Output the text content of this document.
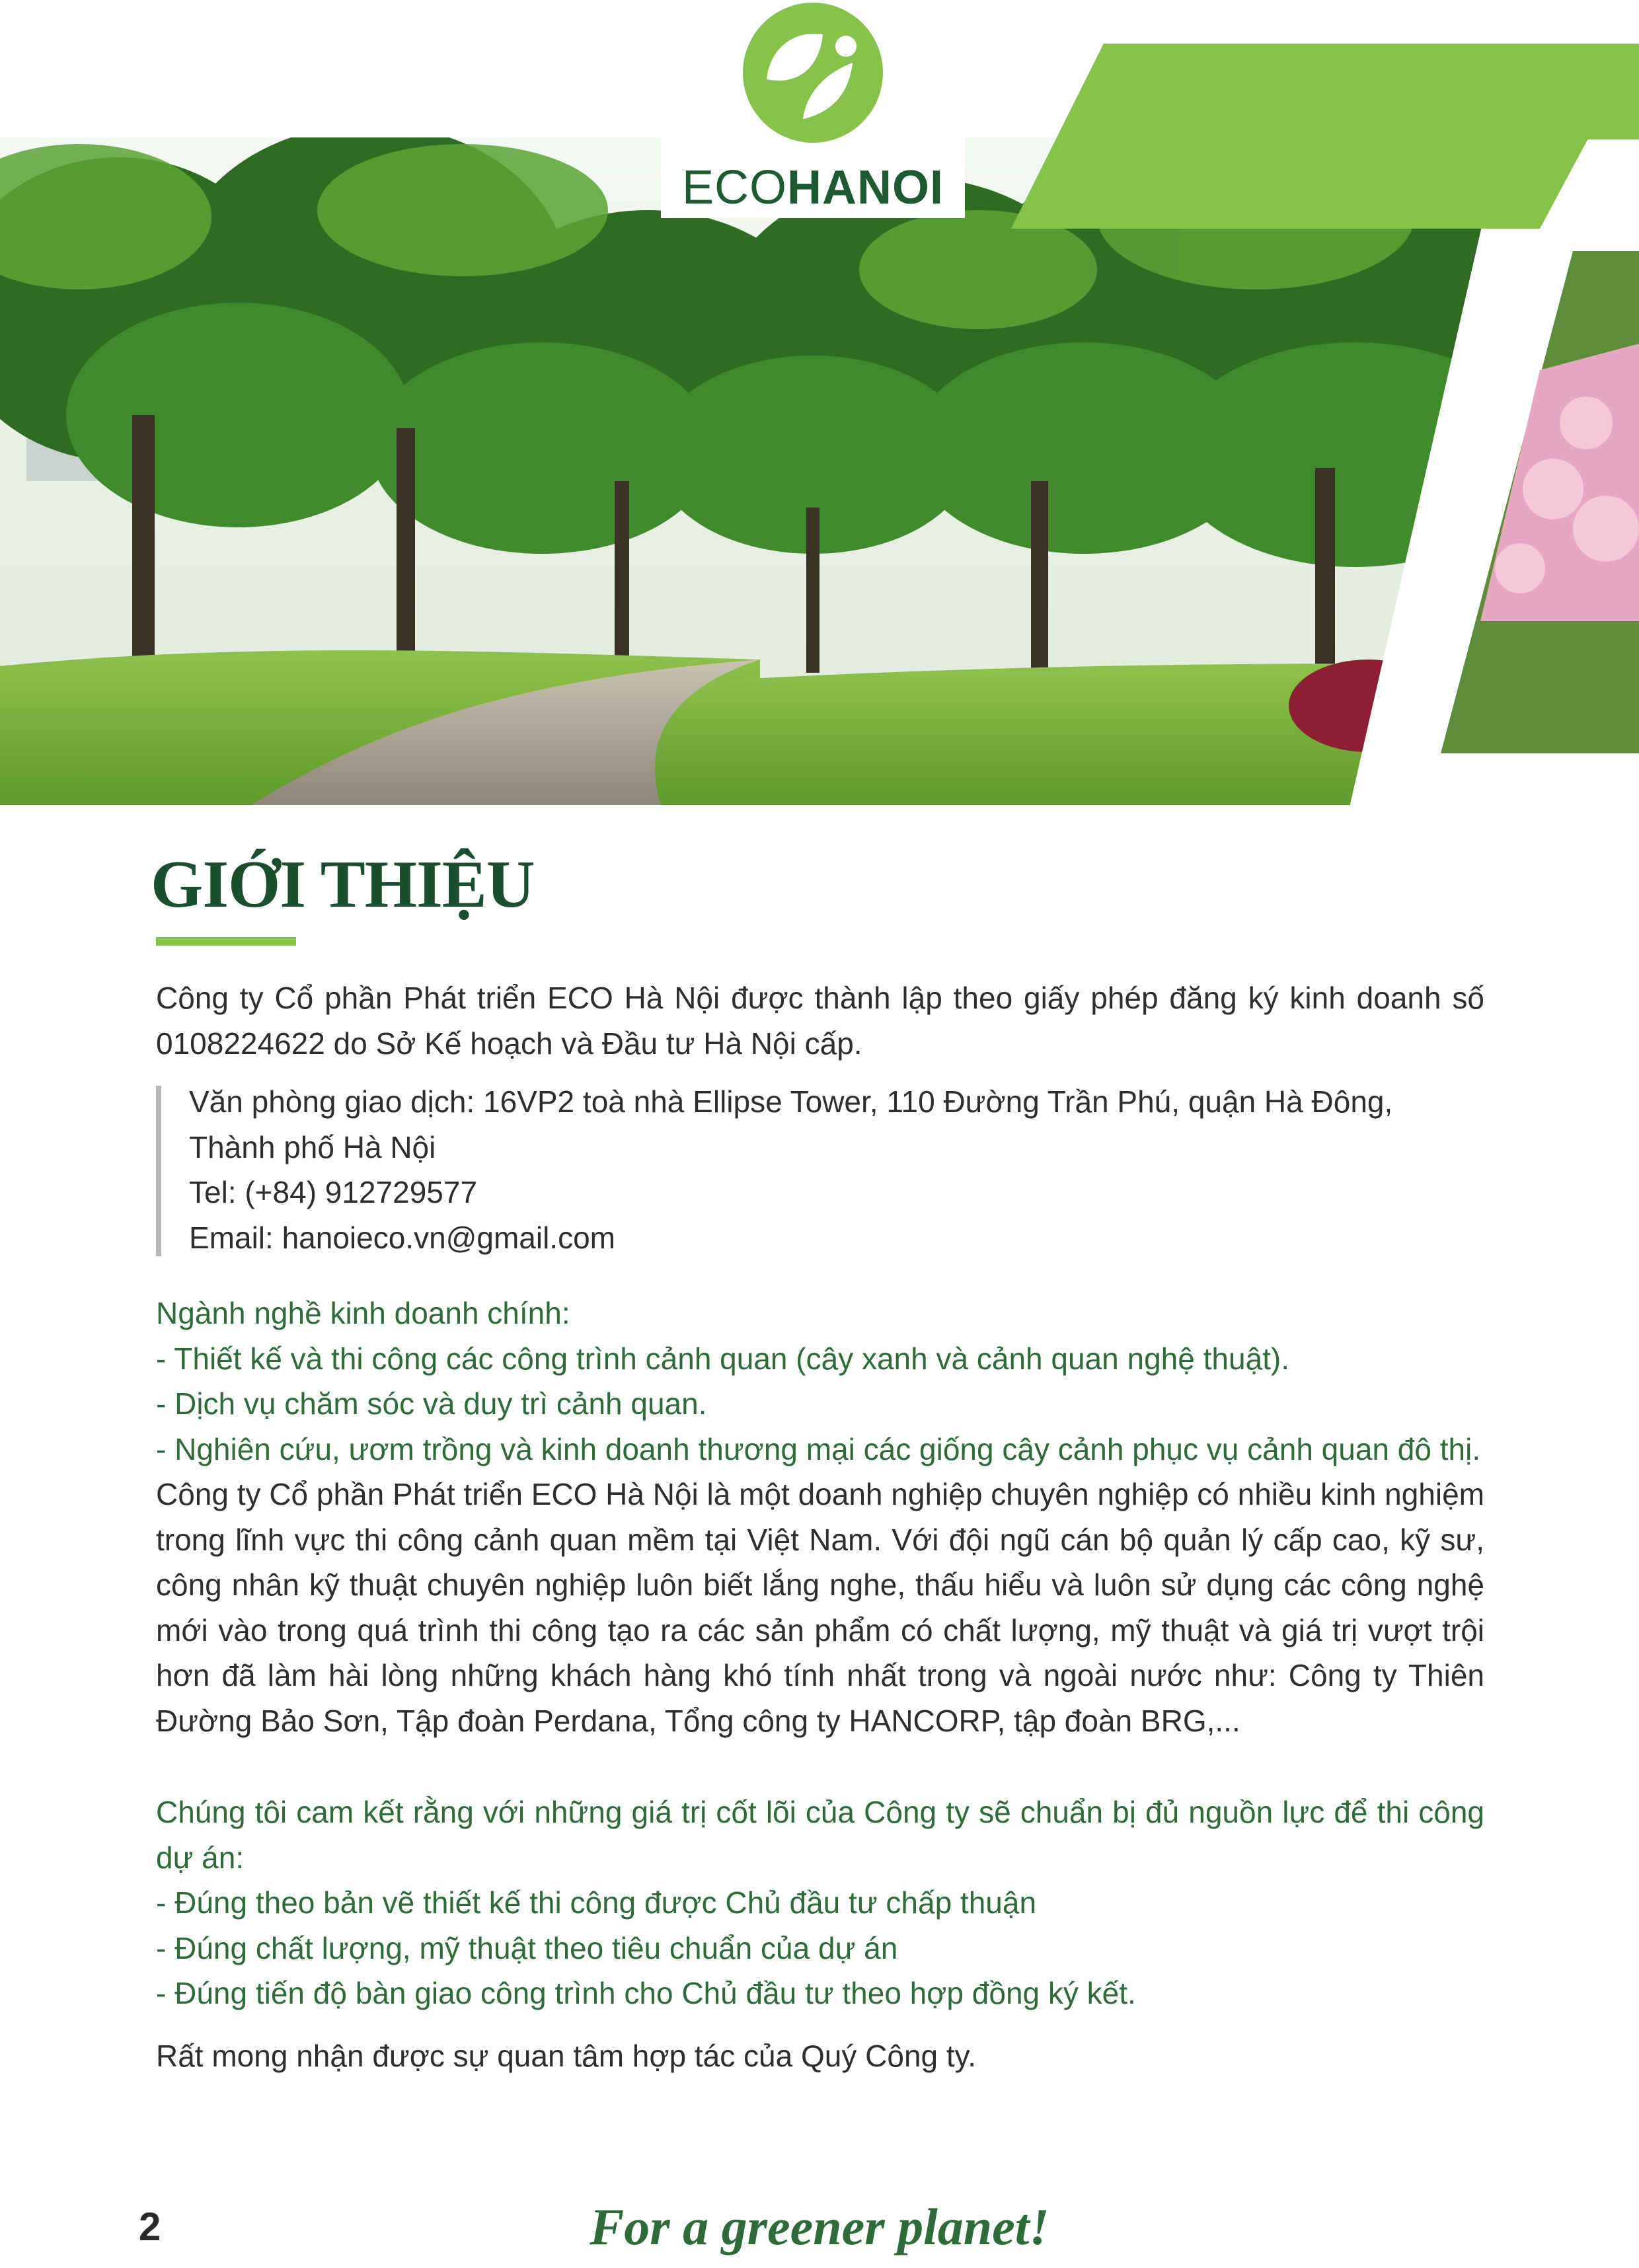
ECOHANOI
GIỚI THIỆU

Công ty Cổ phần Phát triển ECO Hà Nội được thành lập theo giấy phép đăng ký kinh doanh số 0108224622 do Sở Kế hoạch và Đầu tư Hà Nội cấp.

Văn phòng giao dịch: 16VP2 toà nhà Ellipse Tower, 110 Đường Trần Phú, quận Hà Đông,

Thành phố Hà Nội

Tel: (+84) 912729577

Email: hanoieco.vn@gmail.com

Ngành nghề kinh doanh chính:

- Thiết kế và thi công các công trình cảnh quan (cây xanh và cảnh quan nghệ thuật).

- Dịch vụ chăm sóc và duy trì cảnh quan.

- Nghiên cứu, ươm trồng và kinh doanh thương mại các giống cây cảnh phục vụ cảnh quan đô thị.

Công ty Cổ phần Phát triển ECO Hà Nội là một doanh nghiệp chuyên nghiệp có nhiều kinh nghiệm trong lĩnh vực thi công cảnh quan mềm tại Việt Nam. Với đội ngũ cán bộ quản lý cấp cao, kỹ sư, công nhân kỹ thuật chuyên nghiệp luôn biết lắng nghe, thấu hiểu và luôn sử dụng các công nghệ mới vào trong quá trình thi công tạo ra các sản phẩm có chất lượng, mỹ thuật và giá trị vượt trội hơn đã làm hài lòng những khách hàng khó tính nhất trong và ngoài nước như: Công ty Thiên Đường Bảo Sơn, Tập đoàn Perdana, Tổng công ty HANCORP, tập đoàn BRG,...

Chúng tôi cam kết rằng với những giá trị cốt lõi của Công ty sẽ chuẩn bị đủ nguồn lực để thi công dự án:

- Đúng theo bản vẽ thiết kế thi công được Chủ đầu tư chấp thuận

- Đúng chất lượng, mỹ thuật theo tiêu chuẩn của dự án

- Đúng tiến độ bàn giao công trình cho Chủ đầu tư theo hợp đồng ký kết.

Rất mong nhận được sự quan tâm hợp tác của Quý Công ty.

2	For a greener planet!
